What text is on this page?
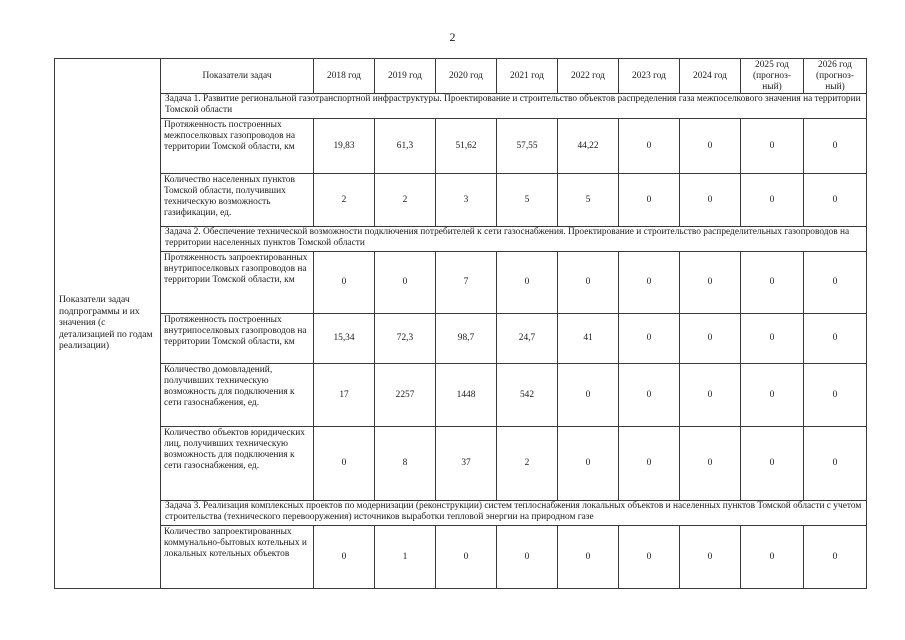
2
	Показатели задач	2018 год	2019 год	2020 год	2021 год	2022 год	2023 год	2024 год	2025 год (прогноз-ный)	2026 год (прогноз-ный)
	Задача 1. Развитие региональной газотранспортной инфраструктуры. Проектирование и строительство объектов распределения газа межпоселкового значения на территории Томской области									
	Протяженность построенных межпоселковых газопроводов на территории Томской области, км	19,83	61,3	51,62	57,55	44,22	0	0	0	0
	Количество населенных пунктов Томской области, получивших техническую возможность газификации, ед.	2	2	3	5	5	0	0	0	0
	Задача 2. Обеспечение технической возможности подключения потребителей к сети газоснабжения. Проектирование и строительство распределительных газопроводов на территории населенных пунктов Томской области									
	Протяженность запроектированных внутрипоселковых газопроводов на территории Томской области, км	0	0	7	0	0	0	0	0	0
	Протяженность построенных внутрипоселковых газопроводов на территории Томской области, км	15,34	72,3	98,7	24,7	41	0	0	0	0
	Количество домовладений, получивших техническую возможность для подключения к сети газоснабжения, ед.	17	2257	1448	542	0	0	0	0	0
	Количество объектов юридических лиц, получивших техническую возможность для подключения к сети газоснабжения, ед.	0	8	37	2	0	0	0	0	0
	Задача 3. Реализация комплексных проектов по модернизации (реконструкции) систем теплоснабжения локальных объектов и населенных пунктов Томской области с учетом строительства (технического перевооружения) источников выработки тепловой энергии на природном газе									
	Количество запроектированных коммунально-бытовых котельных и локальных котельных объектов	0	1	0	0	0	0	0	0	0
Показатели задач подпрограммы и их значения (с детализацией по годам реализации)
